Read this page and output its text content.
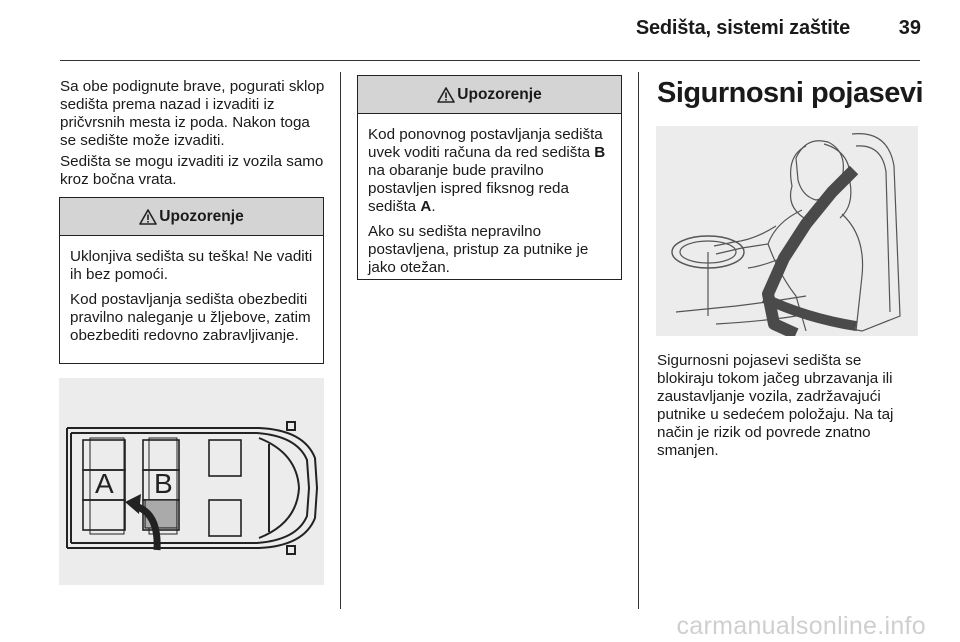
Sedišta, sistemi zaštite 39
Sa obe podignute brave, pogurati sklop sedišta prema nazad i izvaditi iz pričvrsnih mesta iz poda. Nakon toga se sedište može izvaditi.
Sedišta se mogu izvaditi iz vozila samo kroz bočna vrata.
Upozorenje

Uklonjiva sedišta su teška! Ne vaditi ih bez pomoći.

Kod postavljanja sedišta obezbediti pravilno naleganje u žljebove, zatim obezbediti redovno zabravljivanje.

A B
Upozorenje

Kod ponovnog postavljanja sedišta uvek voditi računa da red sedišta B na obaranje bude pravilno postavljen ispred fiksnog reda sedišta A.

Ako su sedišta nepravilno postavljena, pristup za putnike je jako otežan.

Sigurnosni pojasevi
Sigurnosni pojasevi sedišta se blokiraju tokom jačeg ubrzavanja ili zaustavljanje vozila, zadržavajući putnike u sedećem položaju. Na taj način je rizik od povrede znatno smanjen.
carmanualsonline.info
